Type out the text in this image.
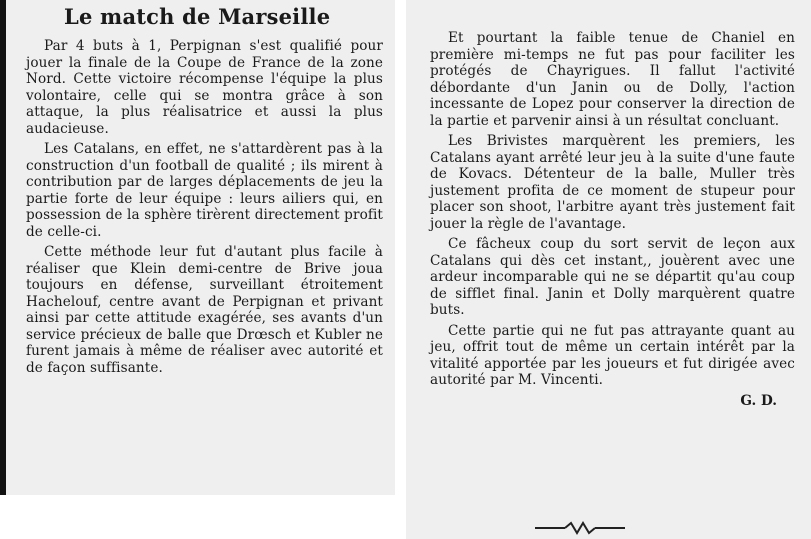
Le match de Marseille

Par 4 buts à 1, Perpignan s'est qualifié pour jouer la finale de la Coupe de France de la zone Nord. Cette victoire récompense l'équipe la plus volontaire, celle qui se montra grâce à son attaque, la plus réalisatrice et aussi la plus audacieuse.

Les Catalans, en effet, ne s'attardèrent pas à la construction d'un football de qualité ; ils mirent à contribution par de larges déplacements de jeu la partie forte de leur équipe : leurs ailiers qui, en possession de la sphère tirèrent directement profit de celle-ci.

Cette méthode leur fut d'autant plus facile à réaliser que Klein demi-centre de Brive joua toujours en défense, surveillant étroitement Hachelouf, centre avant de Perpignan et privant ainsi par cette attitude exagérée, ses avants d'un service précieux de balle que Drœsch et Kubler ne furent jamais à même de réaliser avec autorité et de façon suffisante.

Et pourtant la faible tenue de Chaniel en première mi-temps ne fut pas pour faciliter les protégés de Chayrigues. Il fallut l'activité débordante d'un Janin ou de Dolly, l'action incessante de Lopez pour conserver la direction de la partie et parvenir ainsi à un résultat concluant.

Les Brivistes marquèrent les premiers, les Catalans ayant arrêté leur jeu à la suite d'une faute de Kovacs. Détenteur de la balle, Muller très justement profita de ce moment de stupeur pour placer son shoot, l'arbitre ayant très justement fait jouer la règle de l'avantage.

Ce fâcheux coup du sort servit de leçon aux Catalans qui dès cet instant,, jouèrent avec une ardeur incomparable qui ne se départit qu'au coup de sifflet final. Janin et Dolly marquèrent quatre buts.

Cette partie qui ne fut pas attrayante quant au jeu, offrit tout de même un certain intérêt par la vitalité apportée par les joueurs et fut dirigée avec autorité par M. Vincenti.

G. D.
